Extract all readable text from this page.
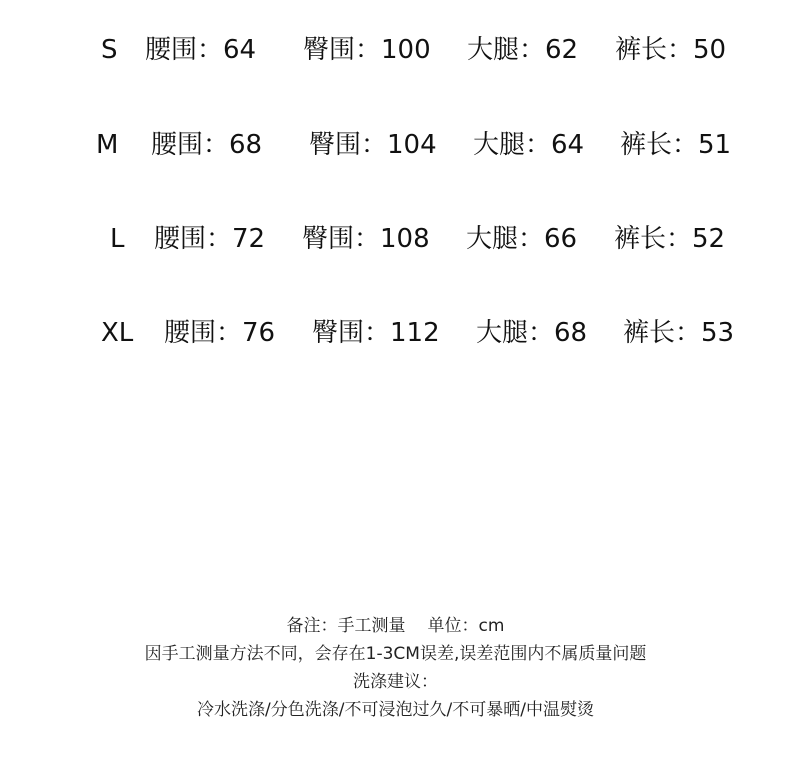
S 腰围：64 臀围：100 大腿：62 裤长：50
M 腰围：68 臀围：104 大腿：64 裤长：51
L 腰围：72 臀围：108 大腿：66 裤长：52
XL 腰围：76 臀围：112 大腿：68 裤长：53
备注：手工测量 单位：cm
因手工测量方法不同，会存在1-3CM误差,误差范围内不属质量问题
洗涤建议：
冷水洗涤/分色洗涤/不可浸泡过久/不可暴晒/中温熨烫
